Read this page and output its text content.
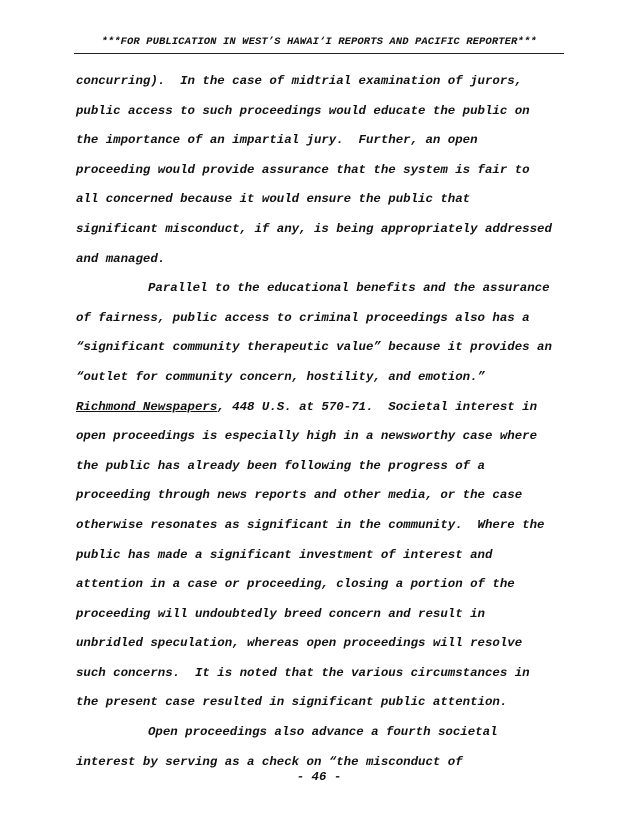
***FOR PUBLICATION IN WEST’S HAWAI‘I REPORTS AND PACIFIC REPORTER***
concurring).  In the case of midtrial examination of jurors,
public access to such proceedings would educate the public on
the importance of an impartial jury.  Further, an open
proceeding would provide assurance that the system is fair to
all concerned because it would ensure the public that
significant misconduct, if any, is being appropriately addressed
and managed.
Parallel to the educational benefits and the assurance
of fairness, public access to criminal proceedings also has a
“significant community therapeutic value” because it provides an
“outlet for community concern, hostility, and emotion.”
Richmond Newspapers, 448 U.S. at 570-71.  Societal interest in
open proceedings is especially high in a newsworthy case where
the public has already been following the progress of a
proceeding through news reports and other media, or the case
otherwise resonates as significant in the community.  Where the
public has made a significant investment of interest and
attention in a case or proceeding, closing a portion of the
proceeding will undoubtedly breed concern and result in
unbridled speculation, whereas open proceedings will resolve
such concerns.  It is noted that the various circumstances in
the present case resulted in significant public attention.
Open proceedings also advance a fourth societal
interest by serving as a check on “the misconduct of
- 46 -
